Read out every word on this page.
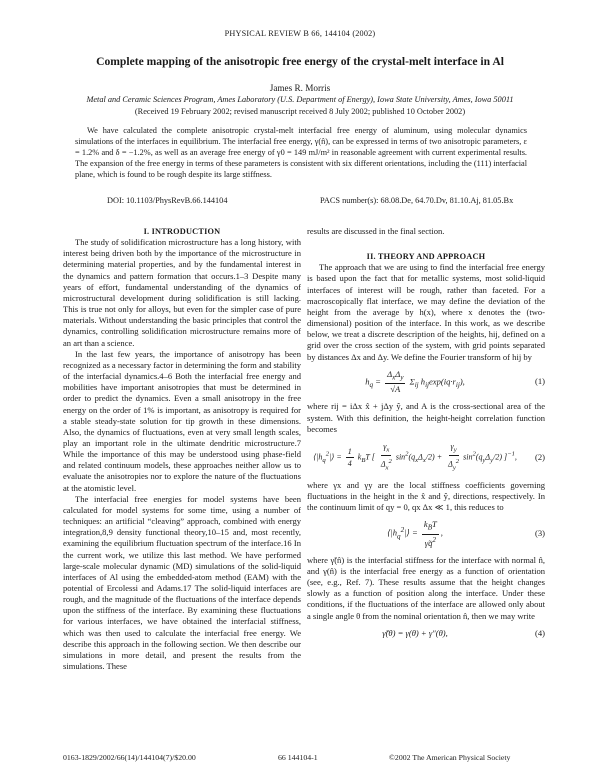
PHYSICAL REVIEW B 66, 144104 (2002)
Complete mapping of the anisotropic free energy of the crystal-melt interface in Al
James R. Morris
Metal and Ceramic Sciences Program, Ames Laboratory (U.S. Department of Energy), Iowa State University, Ames, Iowa 50011
(Received 19 February 2002; revised manuscript received 8 July 2002; published 10 October 2002)
We have calculated the complete anisotropic crystal-melt interfacial free energy of aluminum, using molecular dynamics simulations of the interfaces in equilibrium. The interfacial free energy, γ(n̂), can be expressed in terms of two anisotropic parameters, ε = 1.2% and δ = −1.2%, as well as an average free energy of γ0 = 149 mJ/m² in reasonable agreement with current experimental results. The expansion of the free energy in terms of these parameters is consistent with six different orientations, including the (111) interfacial plane, which is found to be rough despite its large stiffness.
DOI: 10.1103/PhysRevB.66.144104	PACS number(s): 68.08.De, 64.70.Dv, 81.10.Aj, 81.05.Bx

I. INTRODUCTION

The study of solidification microstructure has a long history, with interest being driven both by the importance of the microstructure in determining material properties, and by the fundamental interest in the dynamics and pattern formation that occurs.1–3 Despite many years of effort, fundamental understanding of the dynamics of microstructural development during solidification is still lacking. This is true not only for alloys, but even for the simpler case of pure materials. Without understanding the basic principles that control the dynamics, controlling solidification microstructure remains more of an art than a science.

In the last few years, the importance of anisotropy has been recognized as a necessary factor in determining the form and stability of the interfacial dynamics.4–6 Both the interfacial free energy and mobilities have important anisotropies that must be determined in order to predict the dynamics. Even a small anisotropy in the free energy on the order of 1% is important, as anisotropy is required for a stable steady-state solution for tip growth in these dimensions. Also, the dynamics of fluctuations, even at very small length scales, play an important role in the ultimate dendritic microstructure.7 While the importance of this may be understood using phase-field and related continuum models, these approaches neither allow us to evaluate the anisotropies nor to explore the nature of the fluctuations at the atomistic level.

The interfacial free energies for model systems have been calculated for model systems for some time, using a number of techniques: an artificial “cleaving” approach, combined with energy integration,8,9 density functional theory,10–15 and, most recently, examining the equilibrium fluctuation spectrum of the interface.16 In the current work, we utilize this last method. We have performed large-scale molecular dynamic (MD) simulations of the solid-liquid interfaces of Al using the embedded-atom method (EAM) with the potential of Ercolessi and Adams.17 The solid-liquid interfaces are rough, and the magnitude of the fluctuations of the interface depends upon the stiffness of the interface. By examining these fluctuations for various interfaces, we have obtained the interfacial stiffness, which was then used to calculate the interfacial free energy. We describe this approach in the following section. We then describe our simulations in more detail, and present the results from the simulations. These

results are discussed in the final section.

II. THEORY AND APPROACH

The approach that we are using to find the interfacial free energy is based upon the fact that for metallic systems, most solid-liquid interfaces of interest will be rough, rather than faceted. For a macroscopically flat interface, we may define the deviation of the height from the average by h(x), where x denotes the (two-dimensional) position of the interface. In this work, as we describe below, we treat a discrete description of the heights, hij, defined on a grid over the cross section of the system, with grid points separated by distances Δx and Δy. We define the Fourier transform of hij by

$h_q = \frac{\Delta_x\Delta_y}{√A} \Sigma_{ij}$ $h_{ij}\exp(iq\cdot r_{ij})$,	(1)

where rij = iΔx x̂ + jΔy ŷ, and A is the cross-sectional area of the system. With this definition, the height-height correlation function becomes

$⟨|h_q^2|⟩ = \frac{1}{4} k_BT$ [ $\frac{\gamma_x}{\Delta_x^2} \sin^2(q_x\Delta_x/2) + \frac{\gamma_y}{\Delta_y^2} \sin^2(q_y\Delta_y/2)$ ]$^{-1}$,	(2)

where γx and γy are the local stiffness coefficients governing fluctuations in the height in the x̂ and ŷ, directions, respectively. In the continuum limit of qy = 0, qx Δx ≪ 1, this reduces to

$⟨|h_q^2|⟩ = \frac{k_BT}{\gammãq^2}$ ,	(3)

where γ̃(n̂) is the interfacial stiffness for the interface with normal n̂, and γ(n̂) is the interfacial free energy as a function of orientation (see, e.g., Ref. 7). These results assume that the height changes slowly as a function of position along the interface. Under these conditions, if the fluctuations of the interface are allowed only about a single angle θ from the nominal orientation n̂, then we may write

γ̃(θ) = γ(θ) + γ″(θ),	(4)
0163-1829/2002/66(14)/144104(7)/$20.00	66 144104-1	©2002 The American Physical Society
